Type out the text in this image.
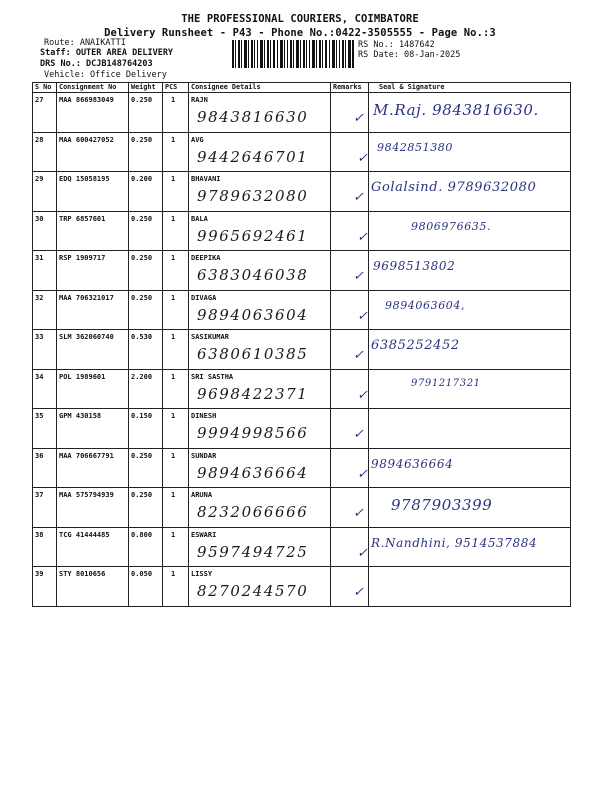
THE PROFESSIONAL COURIERS, COIMBATORE
Delivery Runsheet - P43 - Phone No.:0422-3505555 - Page No.:3
Route: ANAIKATTI
Staff: OUTER AREA DELIVERY
DRS No.: DCJB148764203
Vehicle: Office Delivery
RS No.: 1487642
RS Date: 08-Jan-2025
S No	Consignment No	Weight	PCS	Consignee Details	Remarks	Seal & Signature

27	MAA 866983049	0.250	1	RAJN
9843816630	✓	M.Raj. 9843816630.

28	MAA 600427052	0.250	1	AVG
9442646701	✓	9842851380

29	EDQ 15058195	0.200	1	BHAVANI
9789632080	✓	Golalsind. 9789632080

30	TRP 6857601	0.250	1	BALA
9965692461	✓	9806976635.

31	RSP 1909717	0.250	1	DEEPIKA
6383046038	✓	9698513802

32	MAA 706321017	0.250	1	DIVAGA
9894063604	✓	9894063604,

33	SLM 362060740	0.530	1	SASIKUMAR
6380610385	✓	6385252452

34	POL 1989601	2.200	1	SRI SASTHA
9698422371	✓	9791217321

35	GPM 430158	0.150	1	DINESH
9994998566	✓	

36	MAA 706667791	0.250	1	SUNDAR
9894636664	✓	9894636664

37	MAA 575794939	0.250	1	ARUNA
8232066666	✓	9787903399

38	TCG 41444485	0.800	1	ESWARI
9597494725	✓	R.Nandhini, 9514537884

39	STY 8010656	0.050	1	LISSY
8270244570	✓	
